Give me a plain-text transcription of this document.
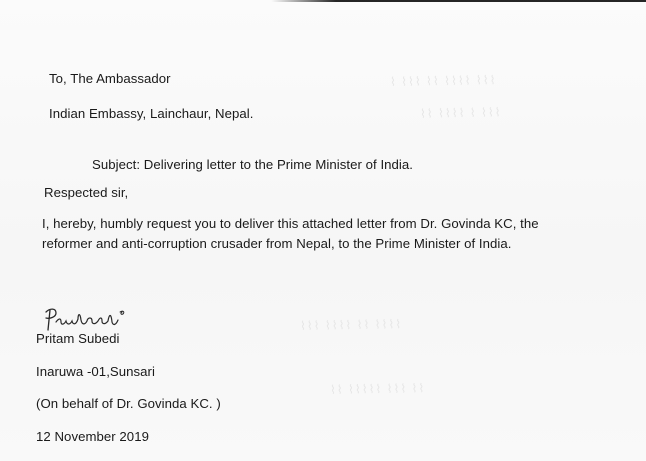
⌇ ⌇⌇⌇ ⌇⌇ ⌇⌇⌇⌇ ⌇⌇⌇
⌇⌇ ⌇⌇⌇⌇ ⌇ ⌇⌇⌇
⌇⌇⌇ ⌇⌇⌇⌇ ⌇⌇ ⌇⌇⌇⌇
⌇⌇ ⌇⌇⌇⌇⌇ ⌇⌇⌇ ⌇⌇
To, The Ambassador
Indian Embassy, Lainchaur, Nepal.
Subject: Delivering letter to the Prime Minister of India.
Respected sir,
I, hereby, humbly request you to deliver this attached letter from Dr. Govinda KC, the
reformer and anti-corruption crusader from Nepal, to the Prime Minister of India.
Pritam Subedi
Inaruwa -01,Sunsari
(On behalf of Dr. Govinda KC. )
12 November 2019
